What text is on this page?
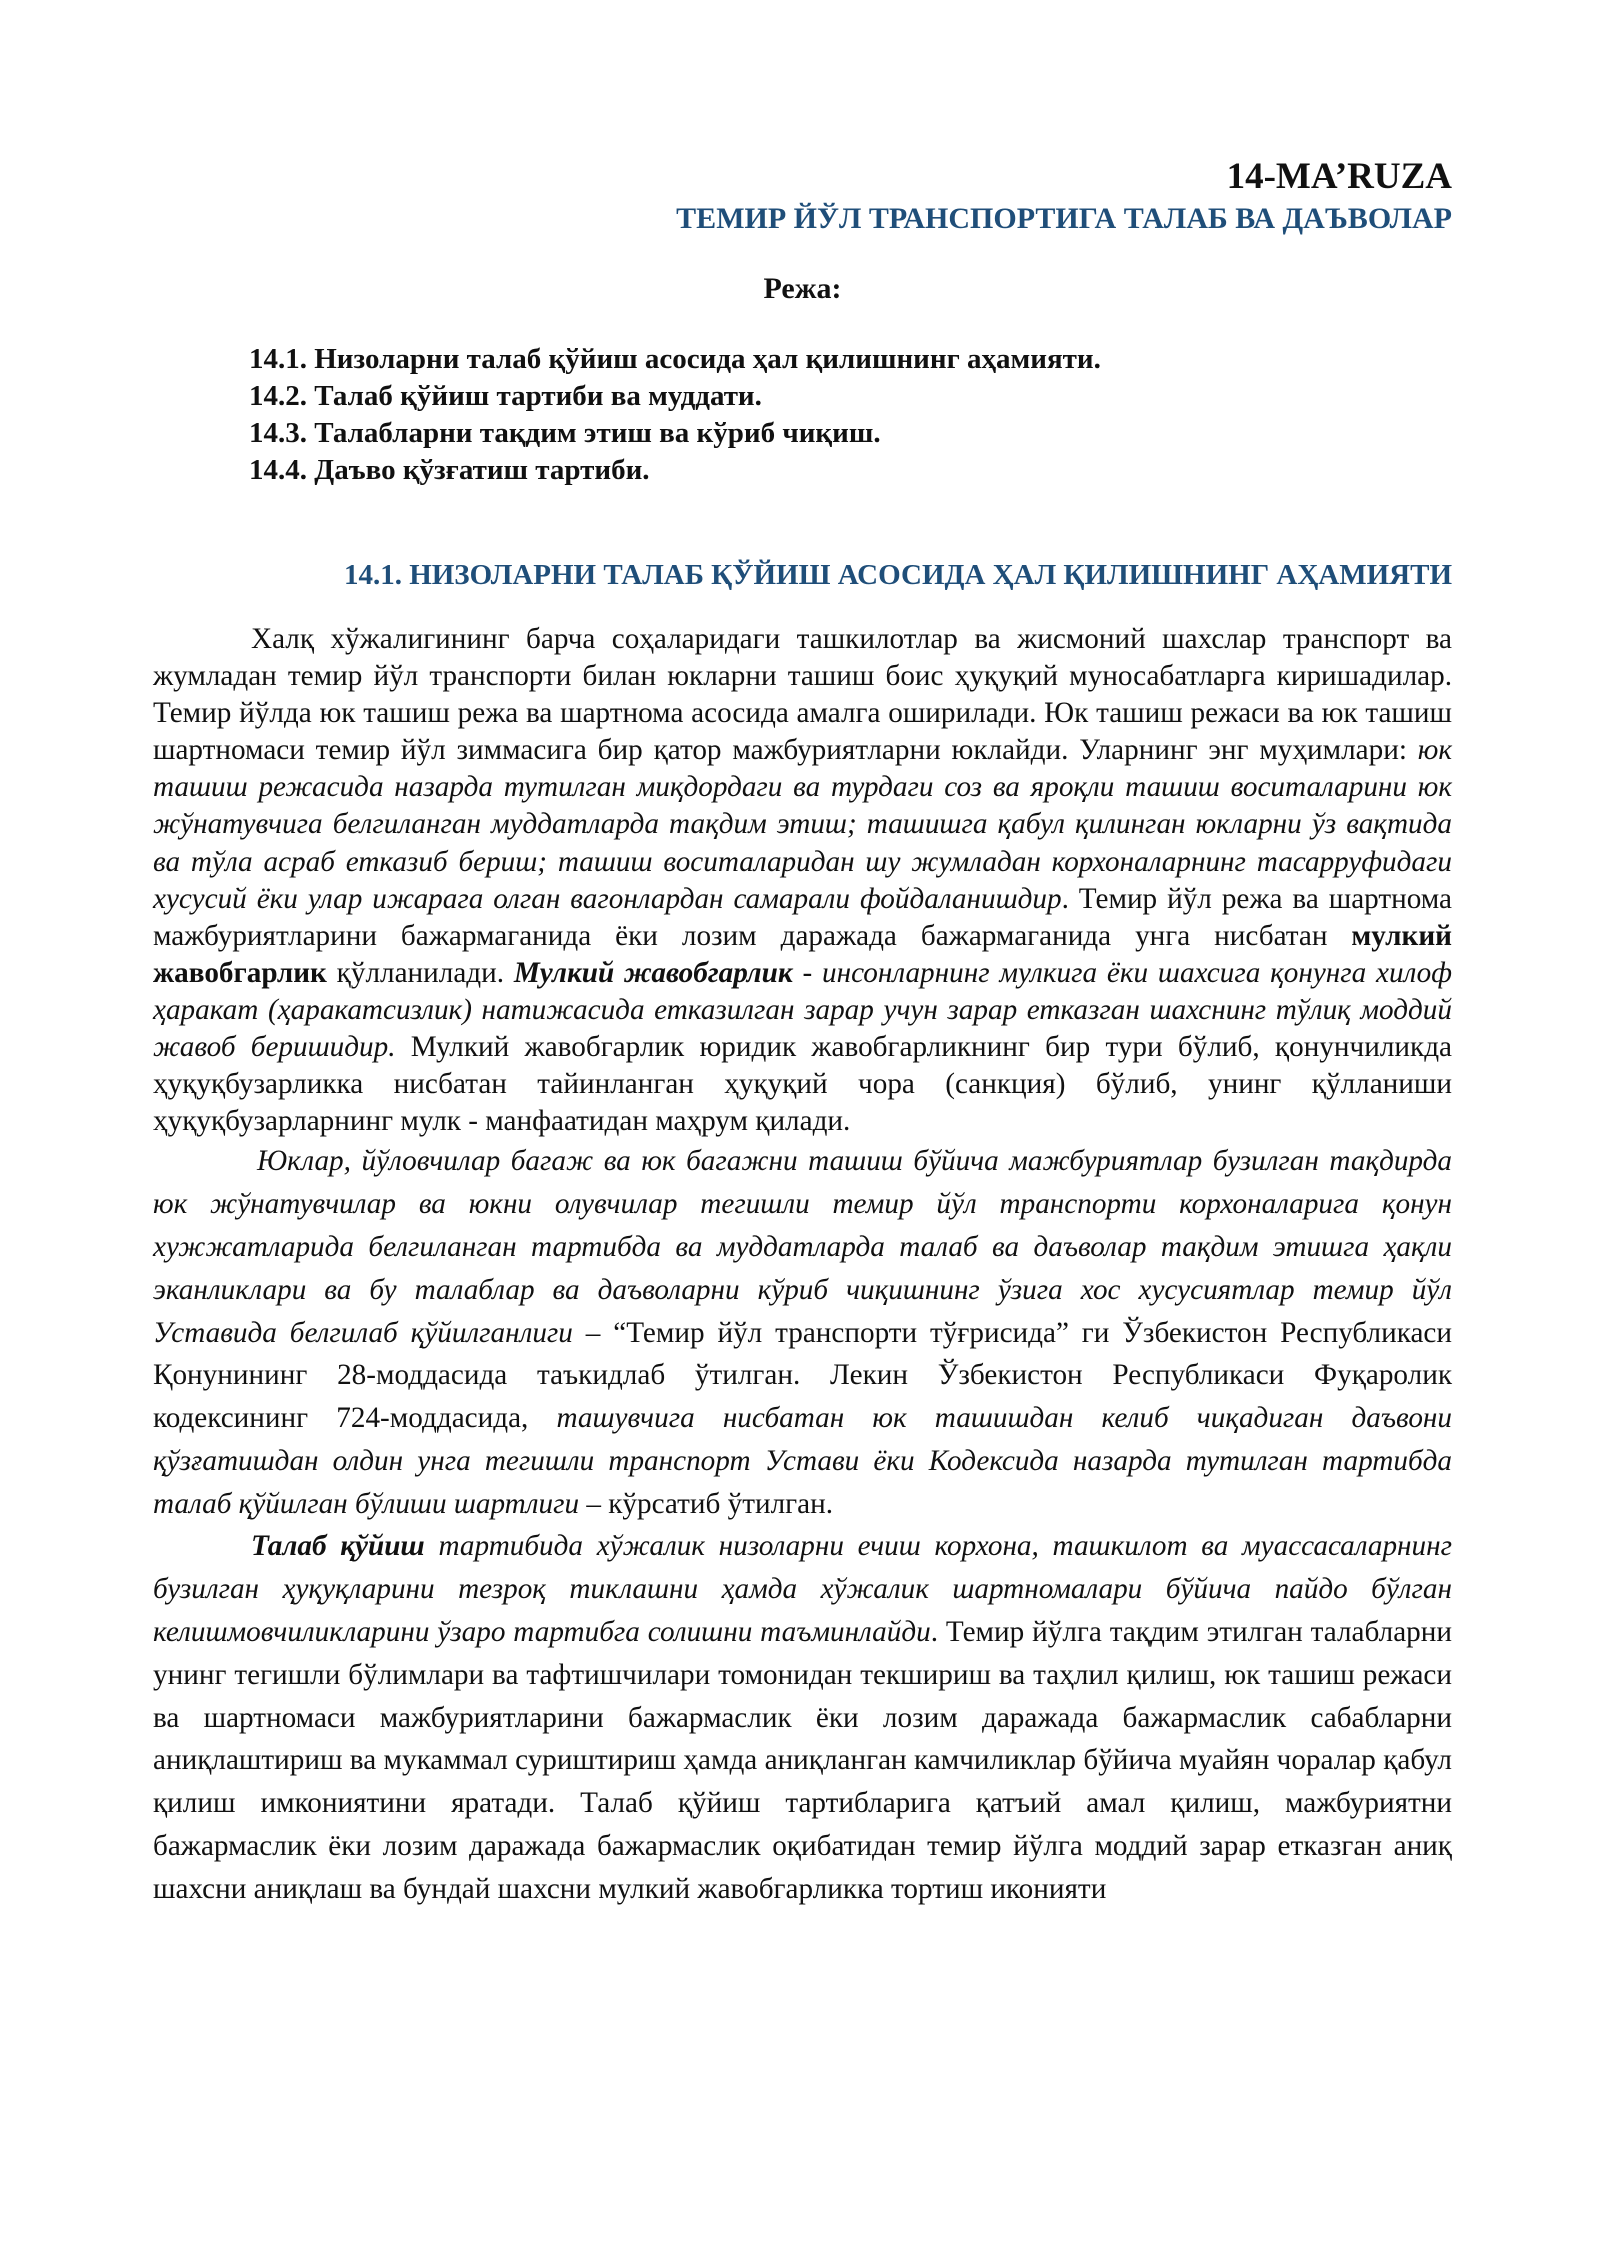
14-MA’RUZA
ТЕМИР ЙЎЛ ТРАНСПОРТИГА ТАЛАБ ВА ДАЪВОЛАР
Режа:
14.1. Низоларни талаб қўйиш асосида ҳал қилишнинг аҳамияти.
14.2. Талаб қўйиш тартиби ва муддати.
14.3. Талабларни тақдим этиш ва кўриб чиқиш.
14.4. Даъво қўзғатиш тартиби.
14.1. НИЗОЛАРНИ ТАЛАБ ҚЎЙИШ АСОСИДА ҲАЛ ҚИЛИШНИНГ АҲАМИЯТИ

Халқ хўжалигининг барча соҳаларидаги ташкилотлар ва жисмоний шахслар транспорт ва жумладан темир йўл транспорти билан юкларни ташиш боис ҳуқуқий муносабатларга киришадилар. Темир йўлда юк ташиш режа ва шартнома асосида амалга оширилади. Юк ташиш режаси ва юк ташиш шартномаси темир йўл зиммасига бир қатор мажбуриятларни юклайди. Уларнинг энг муҳимлари: юк ташиш режасида назарда тутилган миқдордаги ва турдаги соз ва яроқли ташиш воситаларини юк жўнатувчига белгиланган муддатларда тақдим этиш; ташишга қабул қилинган юкларни ўз вақтида ва тўла асраб етказиб бериш; ташиш воситаларидан шу жумладан корхоналарнинг тасарруфидаги хусусий ёки улар ижарага олган вагонлардан самарали фойдаланишдир. Темир йўл режа ва шартнома мажбуриятларини бажармаганида ёки лозим даражада бажармаганида унга нисбатан мулкий жавобгарлик қўлланилади. Мулкий жавобгарлик - инсонларнинг мулкига ёки шахсига қонунга хилоф ҳаракат (ҳаракатсизлик) натижасида етказилган зарар учун зарар етказган шахснинг тўлиқ моддий жавоб беришидир. Мулкий жавобгарлик юридик жавобгарликнинг бир тури бўлиб, қонунчиликда ҳуқуқбузарликка нисбатан тайинланган ҳуқуқий чора (санкция) бўлиб, унинг қўлланиши ҳуқуқбузарларнинг мулк - манфаатидан маҳрум қилади.

Юклар, йўловчилар багаж ва юк багажни ташиш бўйича мажбуриятлар бузилган тақдирда юк жўнатувчилар ва юкни олувчилар тегишли темир йўл транспорти корхоналарига қонун хужжатларида белгиланган тартибда ва муддатларда талаб ва даъволар тақдим этишга ҳақли эканликлари ва бу талаблар ва даъволарни кўриб чиқишнинг ўзига хос хусусиятлар темир йўл Уставида белгилаб қўйилганлиги – “Темир йўл транспорти тўғрисида” ги Ўзбекистон Республикаси Қонунининг 28-моддасида таъкидлаб ўтилган. Лекин Ўзбекистон Республикаси Фуқаролик кодексининг 724-моддасида, ташувчига нисбатан юк ташишдан келиб чиқадиган даъвони қўзғатишдан олдин унга тегишли транспорт Устави ёки Кодексида назарда тутилган тартибда талаб қўйилган бўлиши шартлиги – кўрсатиб ўтилган.

Талаб қўйиш тартибида хўжалик низоларни ечиш корхона, ташкилот ва муассасаларнинг бузилган ҳуқуқларини тезроқ тиклашни ҳамда хўжалик шартномалари бўйича пайдо бўлган келишмовчиликларини ўзаро тартибга солишни таъминлайди. Темир йўлга тақдим этилган талабларни унинг тегишли бўлимлари ва тафтишчилари томонидан текшириш ва таҳлил қилиш, юк ташиш режаси ва шартномаси мажбуриятларини бажармаслик ёки лозим даражада бажармаслик сабабларни аниқлаштириш ва мукаммал суриштириш ҳамда аниқланган камчиликлар бўйича муайян чоралар қабул қилиш имкониятини яратади. Талаб қўйиш тартибларига қатъий амал қилиш, мажбуриятни бажармаслик ёки лозим даражада бажармаслик оқибатидан темир йўлга моддий зарар етказган аниқ шахсни аниқлаш ва бундай шахсни мулкий жавобгарликка тортиш иконияти
